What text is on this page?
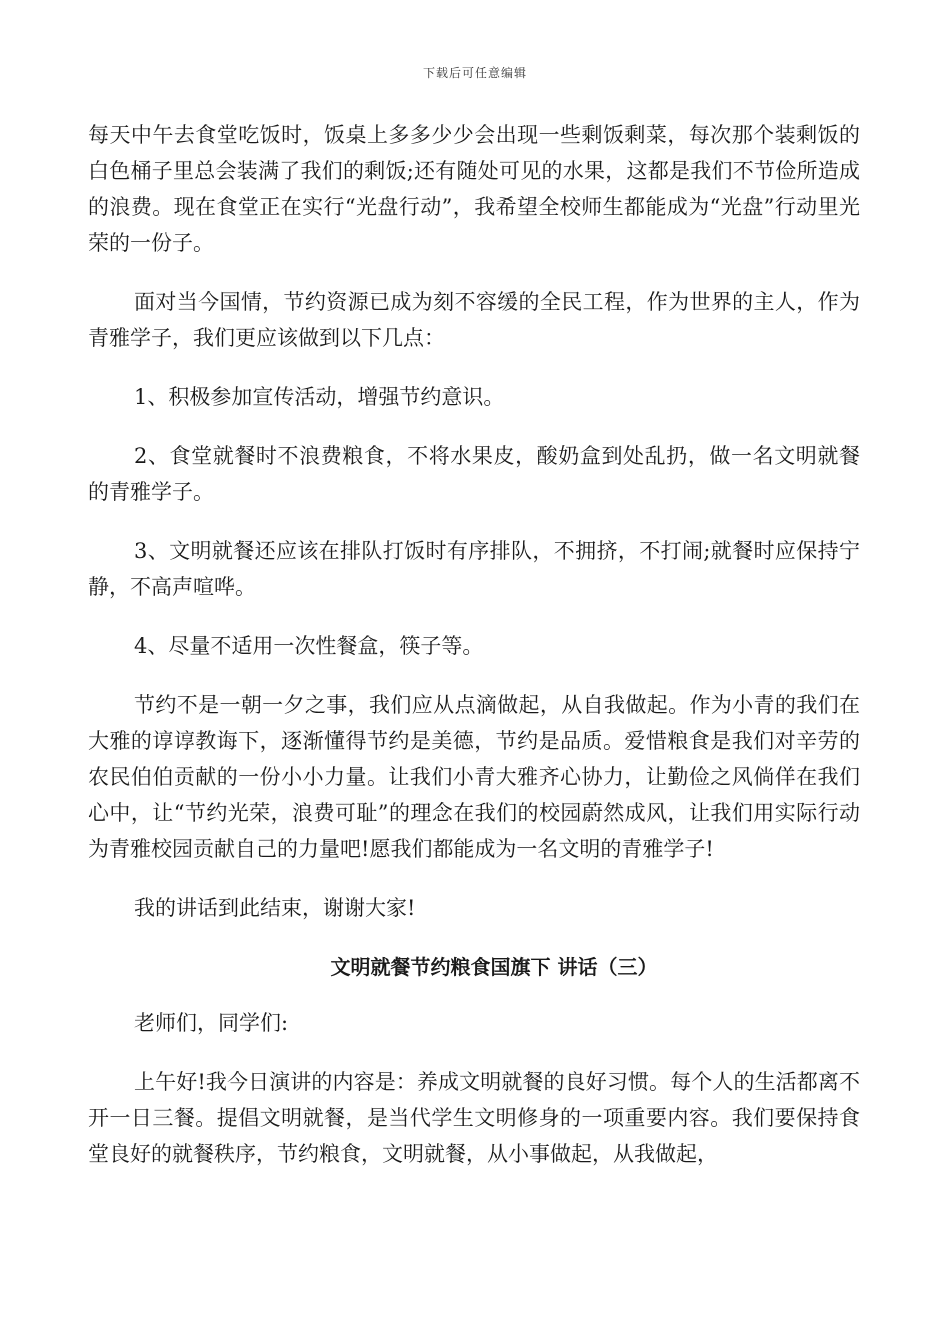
下载后可任意编辑

每天中午去食堂吃饭时，饭桌上多多少少会出现一些剩饭剩菜，每次那个装剩饭的白色桶子里总会装满了我们的剩饭;还有随处可见的水果，这都是我们不节俭所造成的浪费。现在食堂正在实行“光盘行动”，我希望全校师生都能成为“光盘”行动里光荣的一份子。

面对当今国情，节约资源已成为刻不容缓的全民工程，作为世界的主人，作为青雅学子，我们更应该做到以下几点：

1、积极参加宣传活动，增强节约意识。

2、食堂就餐时不浪费粮食，不将水果皮，酸奶盒到处乱扔，做一名文明就餐的青雅学子。

3、文明就餐还应该在排队打饭时有序排队，不拥挤，不打闹;就餐时应保持宁静，不高声喧哗。

4、尽量不适用一次性餐盒，筷子等。

节约不是一朝一夕之事，我们应从点滴做起，从自我做起。作为小青的我们在大雅的谆谆教诲下，逐渐懂得节约是美德，节约是品质。爱惜粮食是我们对辛劳的农民伯伯贡献的一份小小力量。让我们小青大雅齐心协力，让勤俭之风倘佯在我们心中，让“节约光荣，浪费可耻”的理念在我们的校园蔚然成风，让我们用实际行动为青雅校园贡献自己的力量吧!愿我们都能成为一名文明的青雅学子!

我的讲话到此结束，谢谢大家!

文明就餐节约粮食国旗下 讲话（三）

老师们，同学们:

上午好!我今日演讲的内容是：养成文明就餐的良好习惯。每个人的生活都离不开一日三餐。提倡文明就餐，是当代学生文明修身的一项重要内容。我们要保持食堂良好的就餐秩序，节约粮食，文明就餐，从小事做起，从我做起，
